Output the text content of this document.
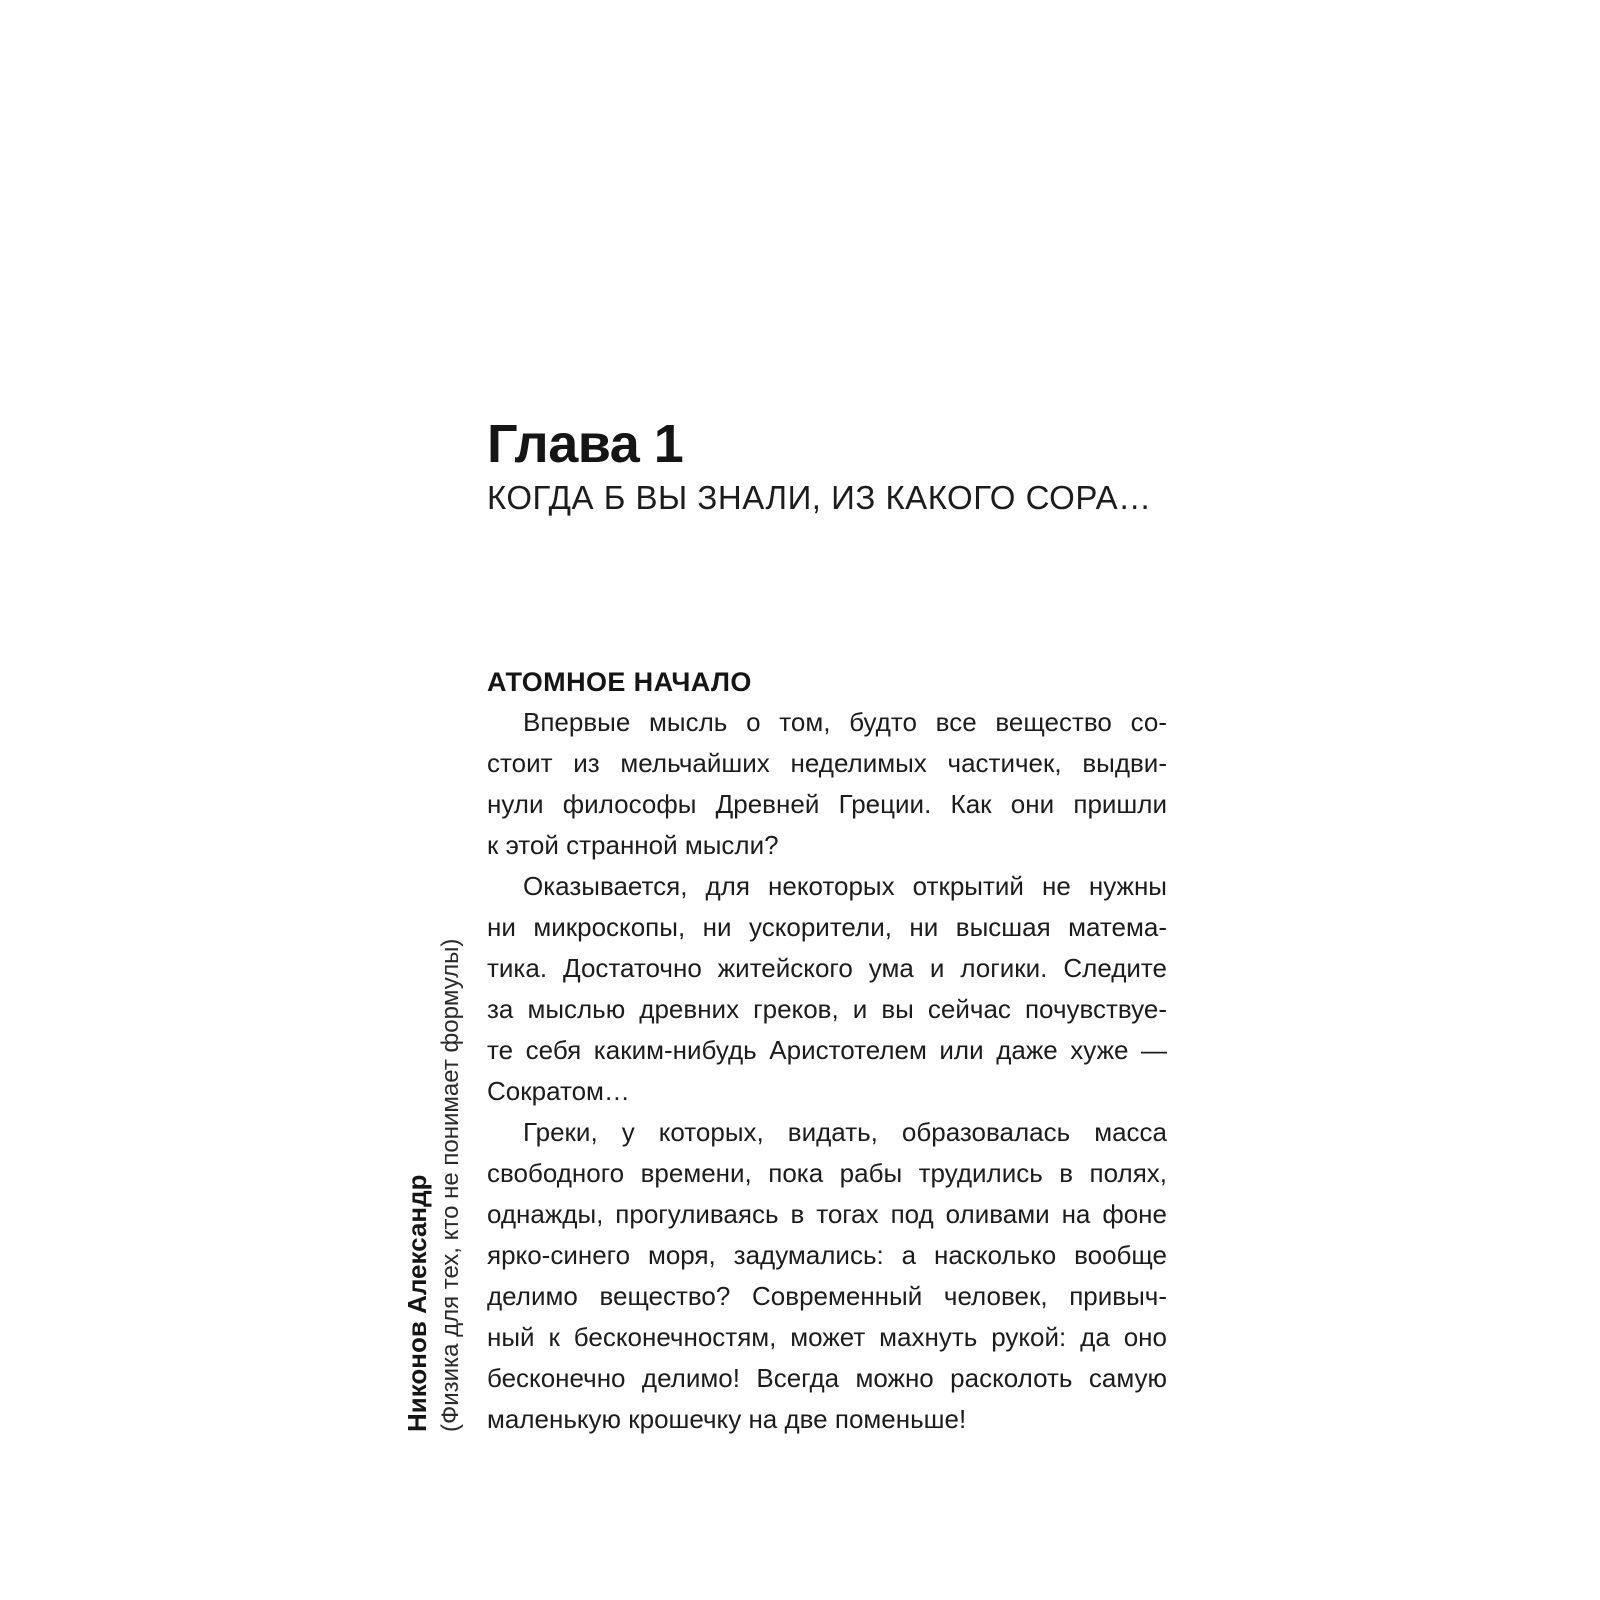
Глава 1
КОГДА Б ВЫ ЗНАЛИ, ИЗ КАКОГО СОРА…
Никонов Александр (Физика для тех, кто не понимает формулы)
АТОМНОЕ НАЧАЛО
Впервые мысль о том, будто все вещество со-
стоит из мельчайших неделимых частичек, выдви-
нули философы Древней Греции. Как они пришли
к этой странной мысли?
Оказывается, для некоторых открытий не нужны
ни микроскопы, ни ускорители, ни высшая матема-
тика. Достаточно житейского ума и логики. Следите
за мыслью древних греков, и вы сейчас почувствуе-
те себя каким-нибудь Аристотелем или даже хуже —
Сократом…
Греки, у которых, видать, образовалась масса
свободного времени, пока рабы трудились в полях,
однажды, прогуливаясь в тогах под оливами на фоне
ярко-синего моря, задумались: а насколько вообще
делимо вещество? Современный человек, привыч-
ный к бесконечностям, может махнуть рукой: да оно
бесконечно делимо! Всегда можно расколоть самую
маленькую крошечку на две поменьше!
